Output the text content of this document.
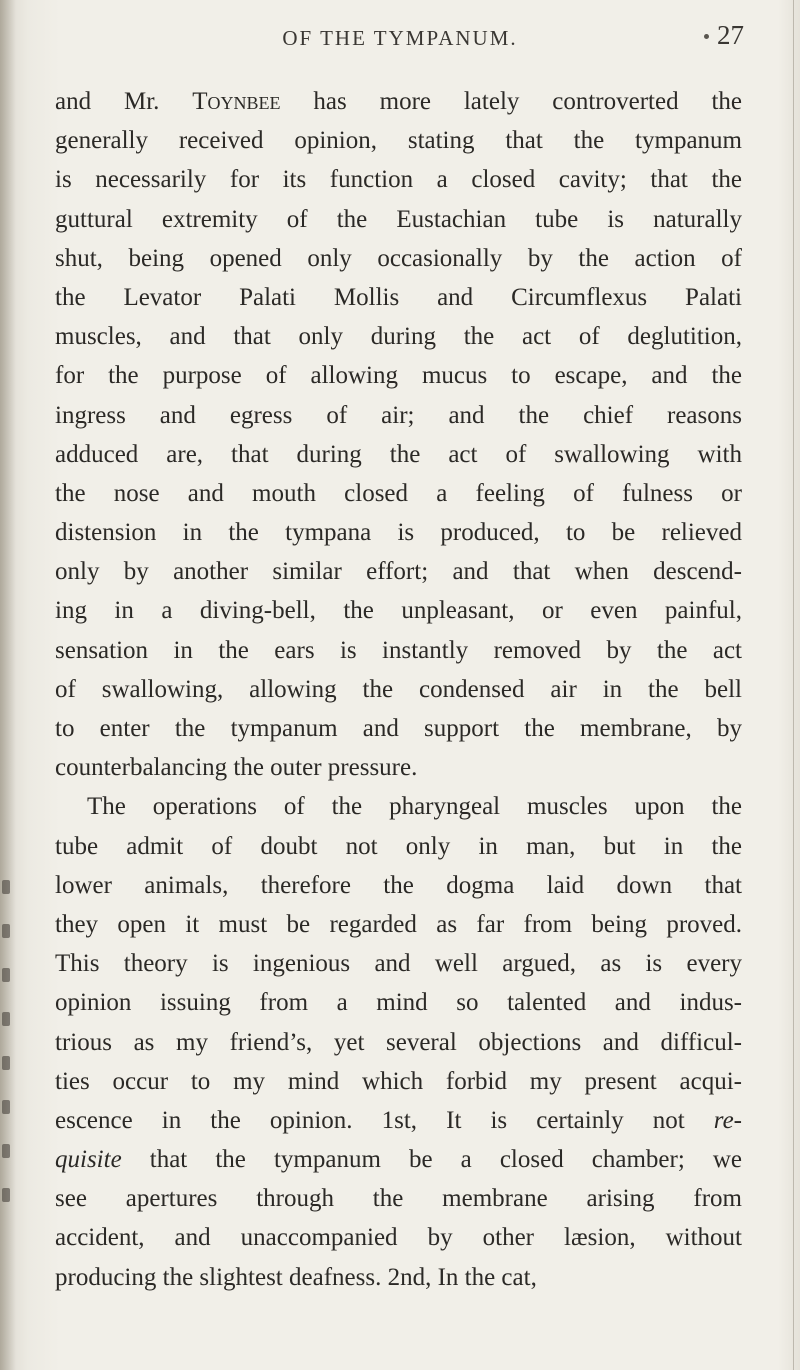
OF THE TYMPANUM.	27
and Mr. Toynbee has more lately controverted the
generally received opinion, stating that the tympanum
is necessarily for its function a closed cavity; that the
guttural extremity of the Eustachian tube is naturally
shut, being opened only occasionally by the action of
the Levator Palati Mollis and Circumflexus Palati
muscles, and that only during the act of deglutition,
for the purpose of allowing mucus to escape, and the
ingress and egress of air; and the chief reasons
adduced are, that during the act of swallowing with
the nose and mouth closed a feeling of fulness or
distension in the tympana is produced, to be relieved
only by another similar effort; and that when descend-
ing in a diving-bell, the unpleasant, or even painful,
sensation in the ears is instantly removed by the act
of swallowing, allowing the condensed air in the bell
to enter the tympanum and support the membrane, by
counterbalancing the outer pressure.
The operations of the pharyngeal muscles upon the
tube admit of doubt not only in man, but in the
lower animals, therefore the dogma laid down that
they open it must be regarded as far from being proved.
This theory is ingenious and well argued, as is every
opinion issuing from a mind so talented and indus-
trious as my friend’s, yet several objections and difficul-
ties occur to my mind which forbid my present acqui-
escence in the opinion. 1st, It is certainly not re-
quisite that the tympanum be a closed chamber; we
see apertures through the membrane arising from
accident, and unaccompanied by other læsion, without
producing the slightest deafness. 2nd, In the cat,
